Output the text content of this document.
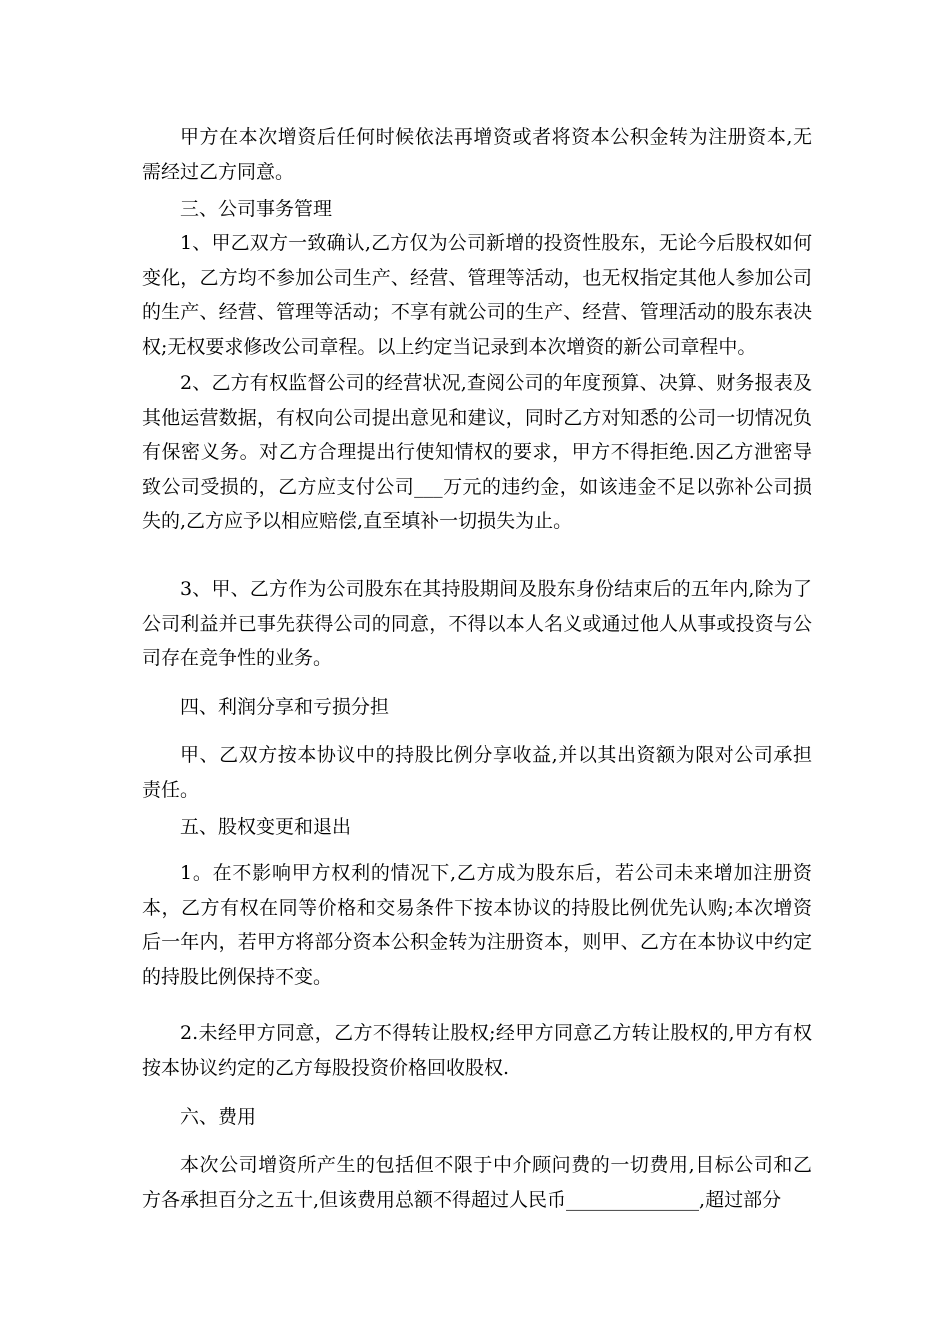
甲方在本次增资后任何时候依法再增资或者将资本公积金转为注册资本,无需经过乙方同意。

三、公司事务管理

1、甲乙双方一致确认,乙方仅为公司新增的投资性股东，无论今后股权如何变化，乙方均不参加公司生产、经营、管理等活动，也无权指定其他人参加公司的生产、经营、管理等活动；不享有就公司的生产、经营、管理活动的股东表决权;无权要求修改公司章程。以上约定当记录到本次增资的新公司章程中。

2、乙方有权监督公司的经营状况,查阅公司的年度预算、决算、财务报表及其他运营数据，有权向公司提出意见和建议，同时乙方对知悉的公司一切情况负有保密义务。对乙方合理提出行使知情权的要求，甲方不得拒绝.因乙方泄密导致公司受损的，乙方应支付公司___万元的违约金，如该违金不足以弥补公司损失的,乙方应予以相应赔偿,直至填补一切损失为止。

3、甲、乙方作为公司股东在其持股期间及股东身份结束后的五年内,除为了公司利益并已事先获得公司的同意，不得以本人名义或通过他人从事或投资与公司存在竞争性的业务。

四、利润分享和亏损分担

甲、乙双方按本协议中的持股比例分享收益,并以其出资额为限对公司承担责任。

五、股权变更和退出

1。在不影响甲方权利的情况下,乙方成为股东后，若公司未来增加注册资本，乙方有权在同等价格和交易条件下按本协议的持股比例优先认购;本次增资后一年内，若甲方将部分资本公积金转为注册资本，则甲、乙方在本协议中约定的持股比例保持不变。

2.未经甲方同意，乙方不得转让股权;经甲方同意乙方转让股权的,甲方有权按本协议约定的乙方每股投资价格回收股权.

六、费用

本次公司增资所产生的包括但不限于中介顾问费的一切费用,目标公司和乙方各承担百分之五十,但该费用总额不得超过人民币______________,超过部分
